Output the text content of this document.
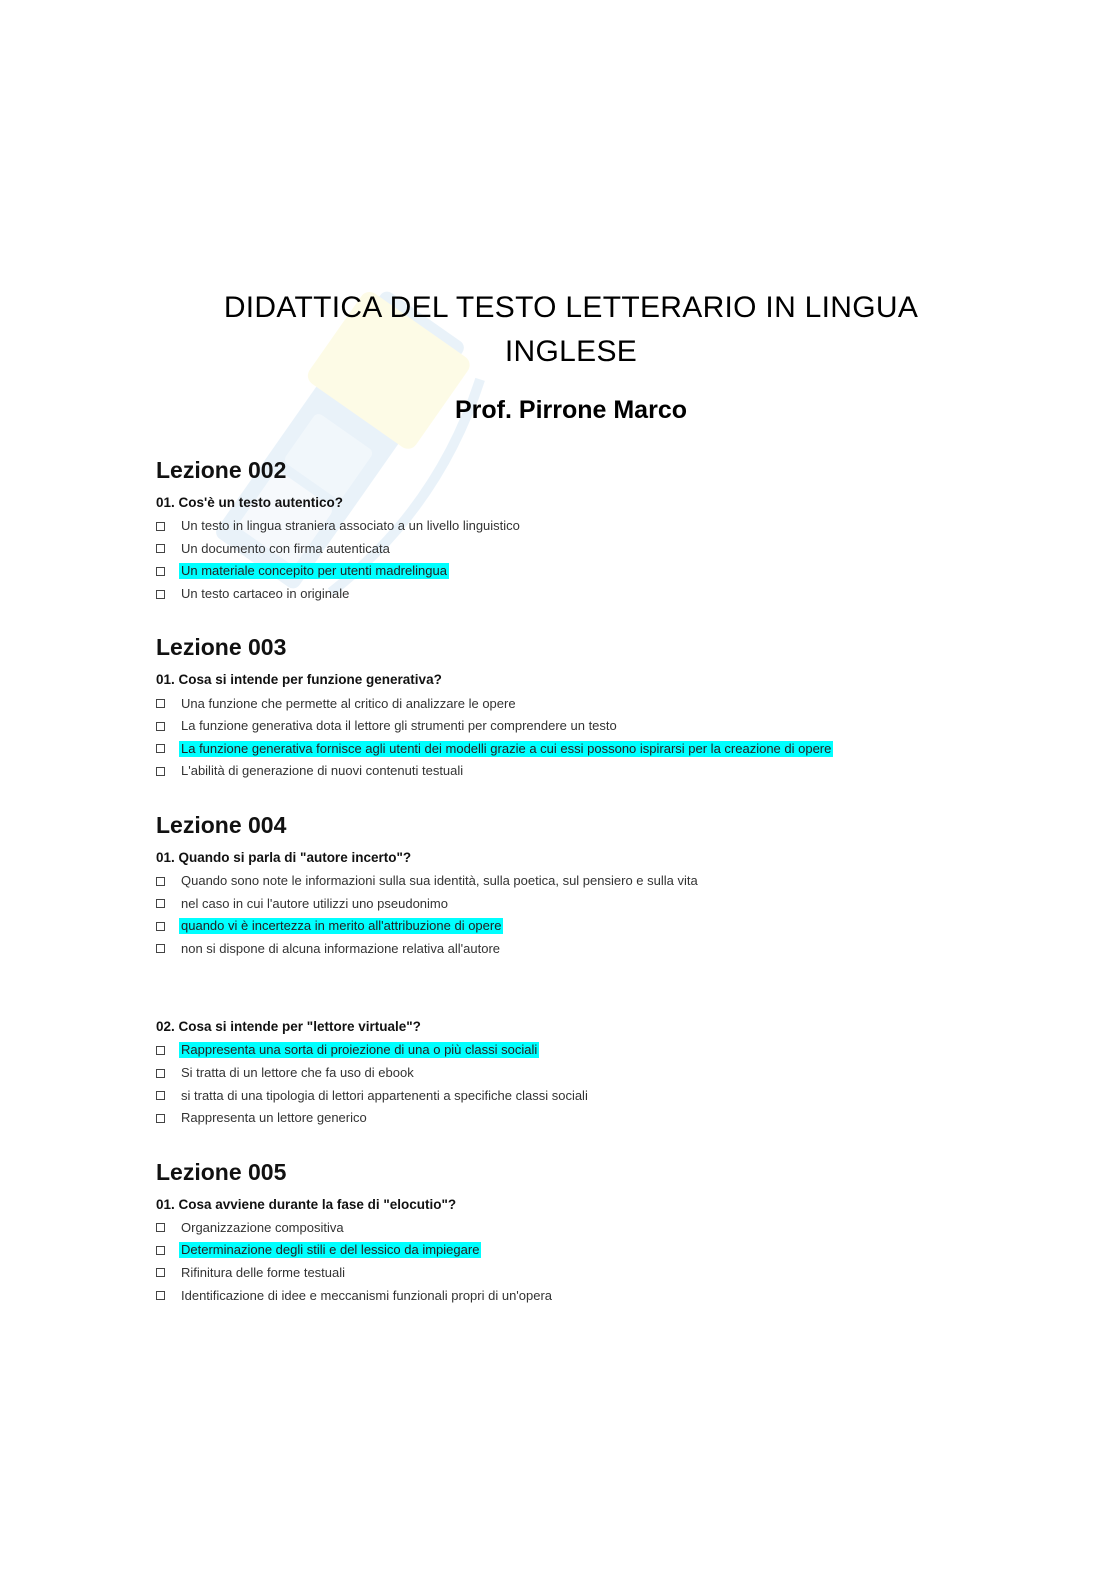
DIDATTICA DEL TESTO LETTERARIO IN LINGUA INGLESE
Prof. Pirrone Marco
Lezione 002

01. Cos'è un testo autentico?

Un testo in lingua straniera associato a un livello linguistico
Un documento con firma autenticata
Un materiale concepito per utenti madrelingua
Un testo cartaceo in originale
Lezione 003

01. Cosa si intende per funzione generativa?

Una funzione che permette al critico di analizzare le opere
La funzione generativa dota il lettore gli strumenti per comprendere un testo
La funzione generativa fornisce agli utenti dei modelli grazie a cui essi possono ispirarsi per la creazione di opere
L'abilità di generazione di nuovi contenuti testuali
Lezione 004

01. Quando si parla di "autore incerto"?

Quando sono note le informazioni sulla sua identità, sulla poetica, sul pensiero e sulla vita
nel caso in cui l'autore utilizzi uno pseudonimo
quando vi è incertezza in merito all'attribuzione di opere
non si dispone di alcuna informazione relativa all'autore

02. Cosa si intende per "lettore virtuale"?

Rappresenta una sorta di proiezione di una o più classi sociali
Si tratta di un lettore che fa uso di ebook
si tratta di una tipologia di lettori appartenenti a specifiche classi sociali
Rappresenta un lettore generico
Lezione 005

01. Cosa avviene durante la fase di "elocutio"?

Organizzazione compositiva
Determinazione degli stili e del lessico da impiegare
Rifinitura delle forme testuali
Identificazione di idee e meccanismi funzionali propri di un'opera
